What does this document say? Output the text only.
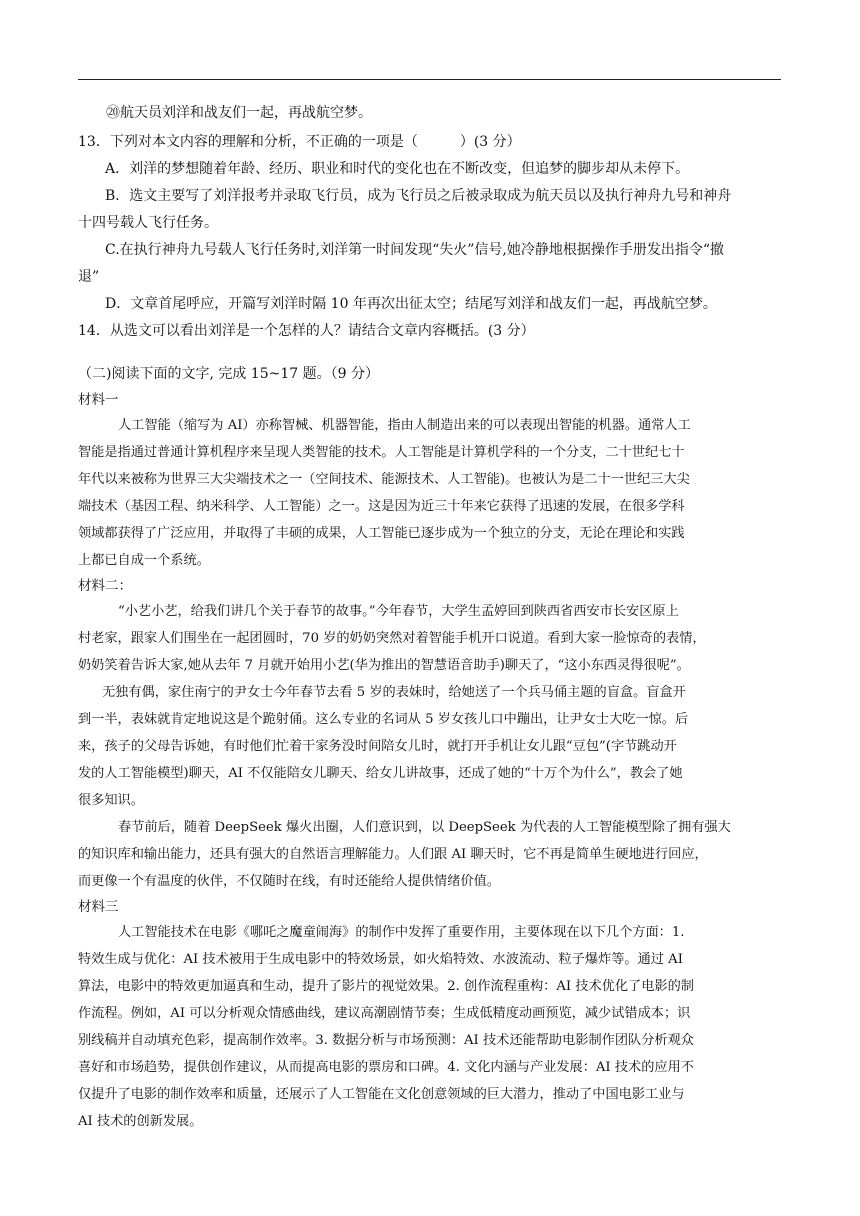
⑳航天员刘洋和战友们一起，再战航空梦。
13．下列对本文内容的理解和分析，不正确的一项是（　　　）(3 分）
A．刘洋的梦想随着年龄、经历、职业和时代的变化也在不断改变，但追梦的脚步却从未停下。
B．选文主要写了刘洋报考并录取飞行员，成为飞行员之后被录取成为航天员以及执行神舟九号和神舟
十四号载人飞行任务。
C.在执行神舟九号载人飞行任务时,刘洋第一时间发现“失火”信号,她冷静地根据操作手册发出指令“撤
退”
D．文章首尾呼应，开篇写刘洋时隔 10 年再次出征太空；结尾写刘洋和战友们一起，再战航空梦。
14．从选文可以看出刘洋是一个怎样的人？请结合文章内容概括。(3 分）
（二)阅读下面的文字, 完成 15~17 题。（9 分）
材料一
人工智能（缩写为 AI）亦称智械、机器智能，指由人制造出来的可以表现出智能的机器。通常人工
智能是指通过普通计算机程序来呈现人类智能的技术。人工智能是计算机学科的一个分支，二十世纪七十
年代以来被称为世界三大尖端技术之一（空间技术、能源技术、人工智能)。也被认为是二十一世纪三大尖
端技术（基因工程、纳米科学、人工智能）之一。这是因为近三十年来它获得了迅速的发展，在很多学科
领域都获得了广泛应用，并取得了丰硕的成果，人工智能已逐步成为一个独立的分支，无论在理论和实践
上都已自成一个系统。
材料二：
“小艺小艺，给我们讲几个关于春节的故事。”今年春节，大学生孟婷回到陕西省西安市长安区原上
村老家，跟家人们围坐在一起团圆时，70 岁的奶奶突然对着智能手机开口说道。看到大家一脸惊奇的表情，
奶奶笑着告诉大家,她从去年 7 月就开始用小艺(华为推出的智慧语音助手)聊天了，“这小东西灵得很呢”。
无独有偶，家住南宁的尹女士今年春节去看 5 岁的表妹时，给她送了一个兵马俑主题的盲盒。盲盒开
到一半，表妹就肯定地说这是个跪射俑。这么专业的名词从 5 岁女孩儿口中蹦出，让尹女士大吃一惊。后
来，孩子的父母告诉她，有时他们忙着干家务没时间陪女儿时，就打开手机让女儿跟“豆包”(字节跳动开
发的人工智能模型)聊天，AI 不仅能陪女儿聊天、给女儿讲故事，还成了她的“十万个为什么”，教会了她
很多知识。
春节前后，随着 DeepSeek 爆火出圈，人们意识到，以 DeepSeek 为代表的人工智能模型除了拥有强大
的知识库和输出能力，还具有强大的自然语言理解能力。人们跟 AI 聊天时，它不再是简单生硬地进行回应，
而更像一个有温度的伙伴，不仅随时在线，有时还能给人提供情绪价值。
材料三
人工智能技术在电影《哪吒之魔童闹海》的制作中发挥了重要作用，主要体现在以下几个方面：1.
特效生成与优化：AI 技术被用于生成电影中的特效场景，如火焰特效、水波流动、粒子爆炸等。通过 AI
算法，电影中的特效更加逼真和生动，提升了影片的视觉效果。2. 创作流程重构：AI 技术优化了电影的制
作流程。例如，AI 可以分析观众情感曲线，建议高潮剧情节奏；生成低精度动画预览，减少试错成本；识
别线稿并自动填充色彩，提高制作效率。3. 数据分析与市场预测：AI 技术还能帮助电影制作团队分析观众
喜好和市场趋势，提供创作建议，从而提高电影的票房和口碑。4. 文化内涵与产业发展：AI 技术的应用不
仅提升了电影的制作效率和质量，还展示了人工智能在文化创意领域的巨大潜力，推动了中国电影工业与
AI 技术的创新发展。
